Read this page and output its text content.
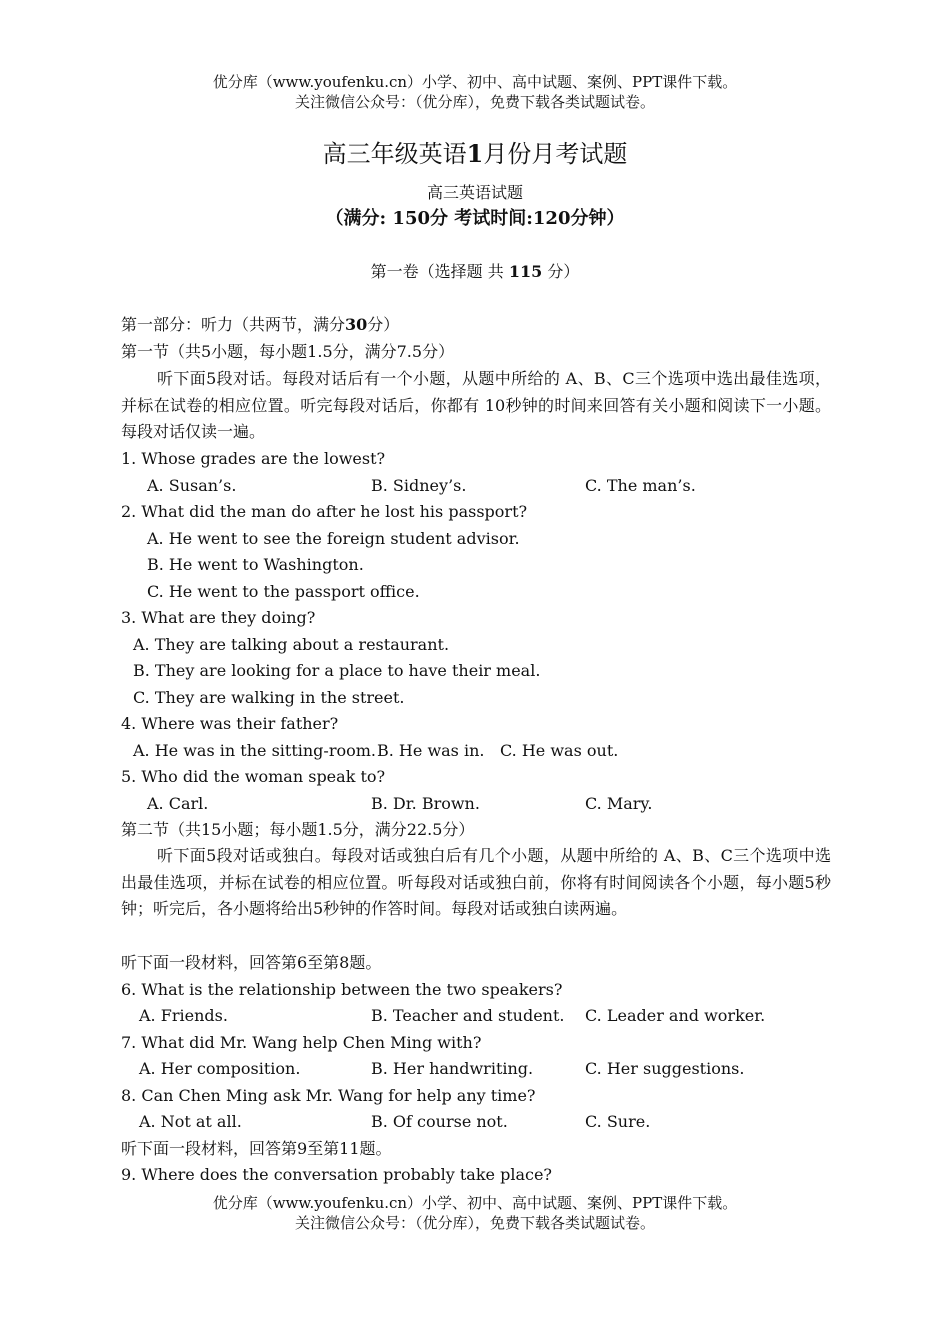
优分库（www.youfenku.cn）小学、初中、高中试题、案例、PPT课件下载。
关注微信公众号：（优分库），免费下载各类试题试卷。
高三年级英语1月份月考试题
高三英语试题
（满分: 150分 考试时间:120分钟）
第一卷（选择题 共 115 分）
第一部分：听力（共两节，满分30分）
第一节（共5小题，每小题1.5分，满分7.5分）
听下面5段对话。每段对话后有一个小题，从题中所给的 A、B、C三个选项中选出最佳选项，并标在试卷的相应位置。听完每段对话后，你都有 10秒钟的时间来回答有关小题和阅读下一小题。每段对话仅读一遍。
1. Whose grades are the lowest?
A. Susan’s.	B. Sidney’s.	C. The man’s.
2. What did the man do after he lost his passport?
A. He went to see the foreign student advisor.
B. He went to Washington.
C. He went to the passport office.
3. What are they doing?
A. They are talking about a restaurant.
B. They are looking for a place to have their meal.
C. They are walking in the street.
4. Where was their father?
A. He was in the sitting-room. B. He was in. C. He was out.
5. Who did the woman speak to?
A. Carl.	B. Dr. Brown.	C. Mary.
第二节（共15小题；每小题1.5分，满分22.5分）
听下面5段对话或独白。每段对话或独白后有几个小题，从题中所给的 A、B、C三个选项中选出最佳选项，并标在试卷的相应位置。听每段对话或独白前，你将有时间阅读各个小题，每小题5秒钟；听完后，各小题将给出5秒钟的作答时间。每段对话或独白读两遍。
听下面一段材料，回答第6至第8题。
6. What is the relationship between the two speakers?
A. Friends.	B. Teacher and student. C. Leader and worker.
7. What did Mr. Wang help Chen Ming with?
A. Her composition.	B. Her handwriting.	C. Her suggestions.
8. Can Chen Ming ask Mr. Wang for help any time?
A. Not at all.	B. Of course not.	C. Sure.
听下面一段材料，回答第9至第11题。
9. Where does the conversation probably take place?
优分库（www.youfenku.cn）小学、初中、高中试题、案例、PPT课件下载。
关注微信公众号：（优分库），免费下载各类试题试卷。
